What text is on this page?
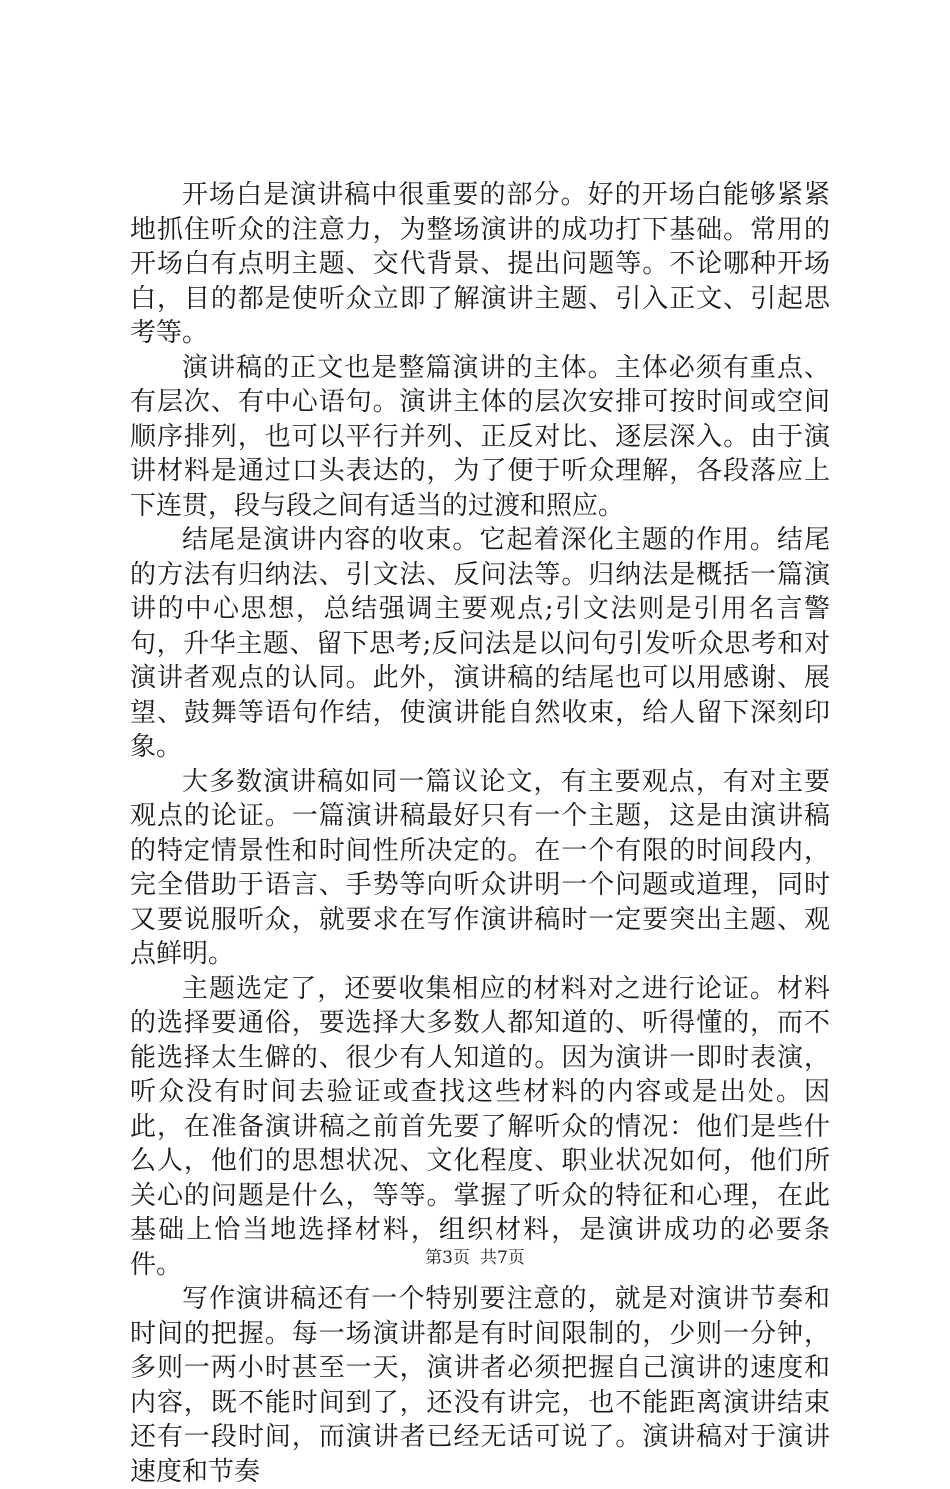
开场白是演讲稿中很重要的部分。好的开场白能够紧紧地抓住听众的注意力，为整场演讲的成功打下基础。常用的开场白有点明主题、交代背景、提出问题等。不论哪种开场白，目的都是使听众立即了解演讲主题、引入正文、引起思考等。

演讲稿的正文也是整篇演讲的主体。主体必须有重点、有层次、有中心语句。演讲主体的层次安排可按时间或空间顺序排列，也可以平行并列、正反对比、逐层深入。由于演讲材料是通过口头表达的，为了便于听众理解，各段落应上下连贯，段与段之间有适当的过渡和照应。

结尾是演讲内容的收束。它起着深化主题的作用。结尾的方法有归纳法、引文法、反问法等。归纳法是概括一篇演讲的中心思想，总结强调主要观点;引文法则是引用名言警句，升华主题、留下思考;反问法是以问句引发听众思考和对演讲者观点的认同。此外，演讲稿的结尾也可以用感谢、展望、鼓舞等语句作结，使演讲能自然收束，给人留下深刻印象。

大多数演讲稿如同一篇议论文，有主要观点，有对主要观点的论证。一篇演讲稿最好只有一个主题，这是由演讲稿的特定情景性和时间性所决定的。在一个有限的时间段内，完全借助于语言、手势等向听众讲明一个问题或道理，同时又要说服听众，就要求在写作演讲稿时一定要突出主题、观点鲜明。

主题选定了，还要收集相应的材料对之进行论证。材料的选择要通俗，要选择大多数人都知道的、听得懂的，而不能选择太生僻的、很少有人知道的。因为演讲一即时表演，听众没有时间去验证或查找这些材料的内容或是出处。因此，在准备演讲稿之前首先要了解听众的情况：他们是些什么人，他们的思想状况、文化程度、职业状况如何，他们所关心的问题是什么，等等。掌握了听众的特征和心理，在此基础上恰当地选择材料，组织材料，是演讲成功的必要条件。

写作演讲稿还有一个特别要注意的，就是对演讲节奏和时间的把握。每一场演讲都是有时间限制的，少则一分钟，多则一两小时甚至一天，演讲者必须把握自己演讲的速度和内容，既不能时间到了，还没有讲完，也不能距离演讲结束还有一段时间，而演讲者已经无话可说了。演讲稿对于演讲速度和节奏

第3页 共7页
